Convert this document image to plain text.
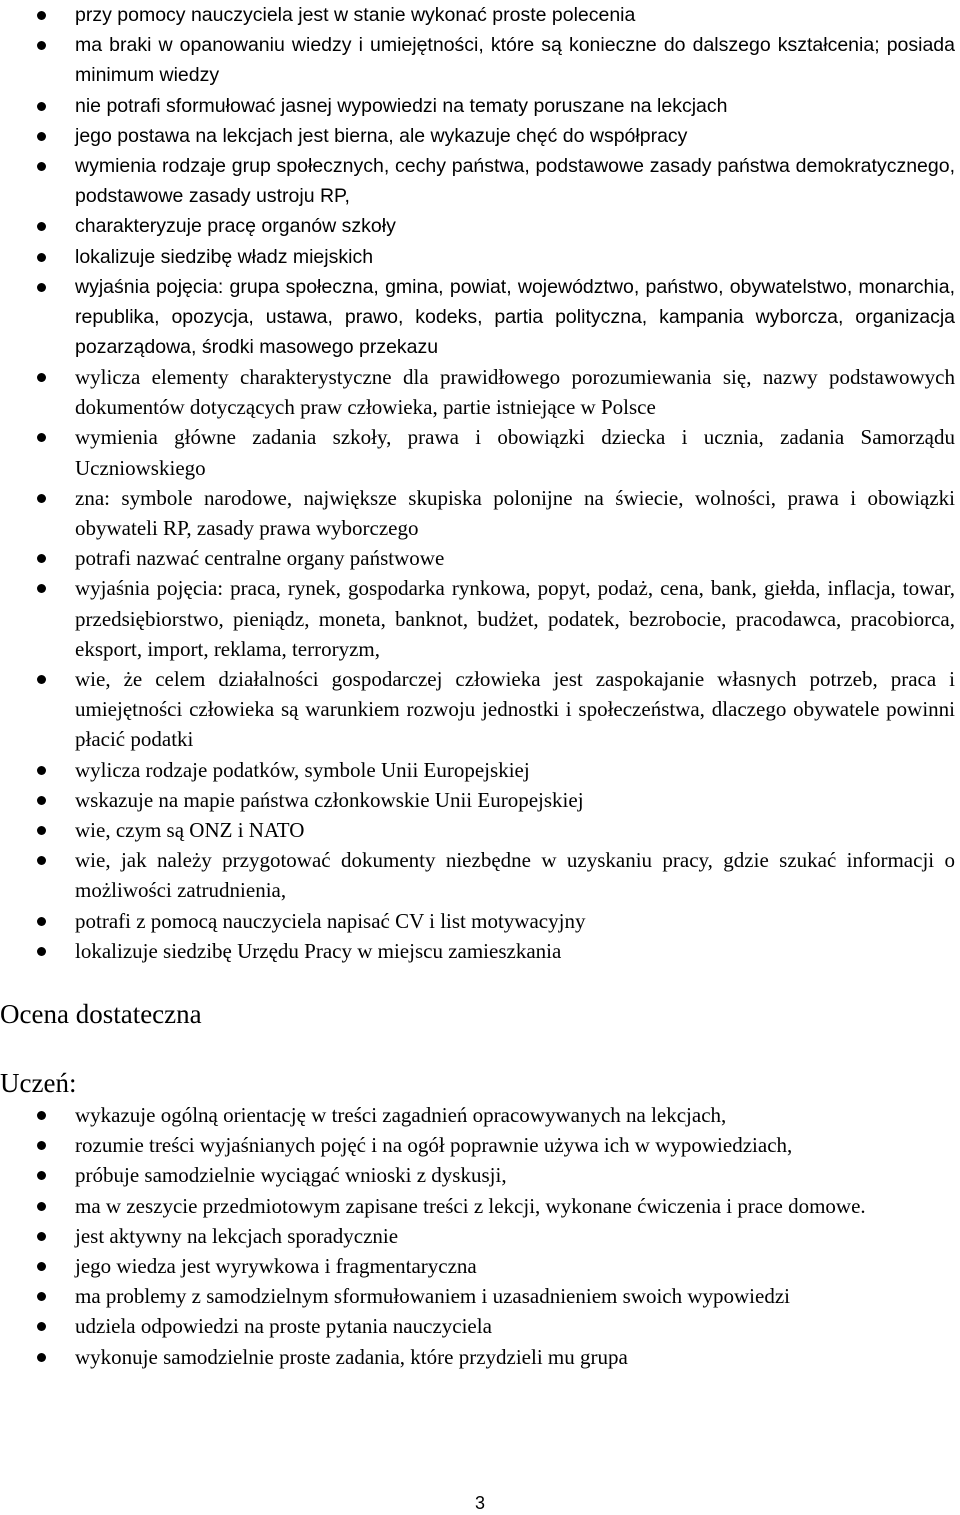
przy pomocy nauczyciela jest w stanie wykonać proste polecenia
ma braki w opanowaniu wiedzy i umiejętności, które są konieczne do dalszego kształcenia; posiada minimum wiedzy
nie potrafi sformułować jasnej wypowiedzi na tematy poruszane na lekcjach
jego postawa na lekcjach jest bierna, ale wykazuje chęć do współpracy
wymienia rodzaje grup społecznych, cechy państwa, podstawowe zasady państwa demokratycznego, podstawowe zasady ustroju RP,
charakteryzuje pracę organów szkoły
lokalizuje siedzibę władz miejskich
wyjaśnia pojęcia: grupa społeczna, gmina, powiat, województwo, państwo, obywatelstwo, monarchia, republika, opozycja, ustawa, prawo, kodeks, partia polityczna, kampania wyborcza, organizacja pozarządowa, środki masowego przekazu
wylicza elementy charakterystyczne dla prawidłowego porozumiewania się, nazwy podstawowych dokumentów dotyczących praw człowieka, partie istniejące w Polsce
wymienia główne zadania szkoły, prawa i obowiązki dziecka i ucznia, zadania Samorządu Uczniowskiego
zna: symbole narodowe, największe skupiska polonijne na świecie, wolności, prawa i obowiązki obywateli RP, zasady prawa wyborczego
potrafi nazwać centralne organy państwowe
wyjaśnia pojęcia: praca, rynek, gospodarka rynkowa, popyt, podaż, cena, bank, giełda, inflacja, towar, przedsiębiorstwo, pieniądz, moneta, banknot, budżet, podatek, bezrobocie, pracodawca, pracobiorca, eksport, import, reklama, terroryzm,
wie, że celem działalności gospodarczej człowieka jest zaspokajanie własnych potrzeb, praca i umiejętności człowieka są warunkiem rozwoju jednostki i społeczeństwa, dlaczego obywatele powinni płacić podatki
wylicza rodzaje podatków, symbole Unii Europejskiej
wskazuje na mapie państwa członkowskie Unii Europejskiej
wie, czym są ONZ i NATO
wie, jak należy przygotować dokumenty niezbędne w uzyskaniu pracy, gdzie szukać informacji o możliwości zatrudnienia,
potrafi z pomocą nauczyciela napisać CV i list motywacyjny
lokalizuje siedzibę Urzędu Pracy w miejscu zamieszkania
Ocena dostateczna
Uczeń:
wykazuje ogólną orientację w treści zagadnień opracowywanych na lekcjach,
rozumie treści wyjaśnianych pojęć i na ogół poprawnie używa ich w wypowiedziach,
próbuje samodzielnie wyciągać wnioski z dyskusji,
ma w zeszycie przedmiotowym zapisane treści z lekcji, wykonane ćwiczenia i prace domowe.
jest aktywny na lekcjach sporadycznie
jego wiedza jest wyrywkowa i fragmentaryczna
ma problemy z samodzielnym sformułowaniem i uzasadnieniem swoich wypowiedzi
udziela odpowiedzi na proste pytania nauczyciela
wykonuje samodzielnie proste zadania, które przydzieli mu grupa
3
